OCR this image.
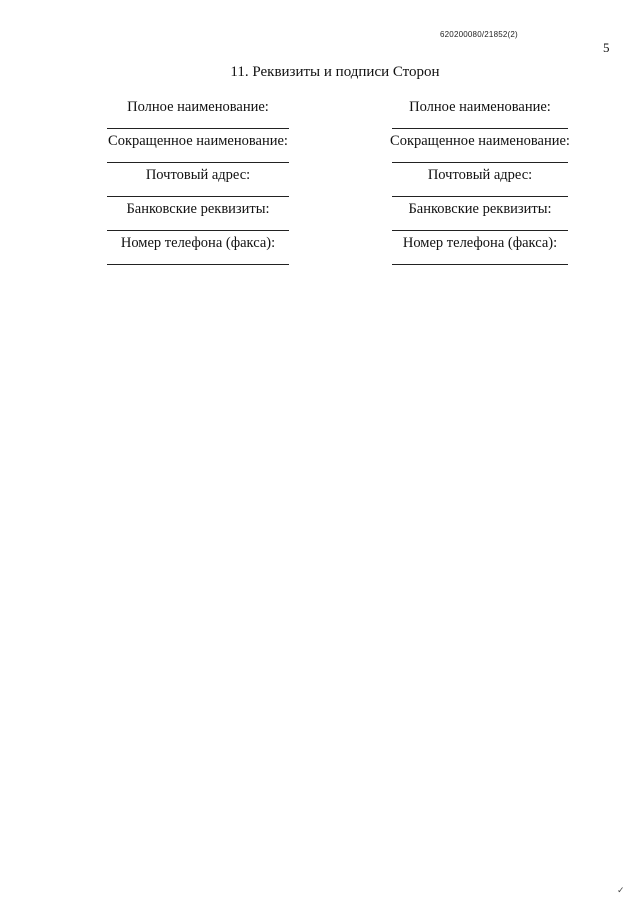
620200080/21852(2)
5
11. Реквизиты и подписи Сторон
Полное наименование:
Сокращенное наименование:
Почтовый адрес:
Банковские реквизиты:
Номер телефона (факса):
Полное наименование:
Сокращенное наименование:
Почтовый адрес:
Банковские реквизиты:
Номер телефона (факса):
✓
